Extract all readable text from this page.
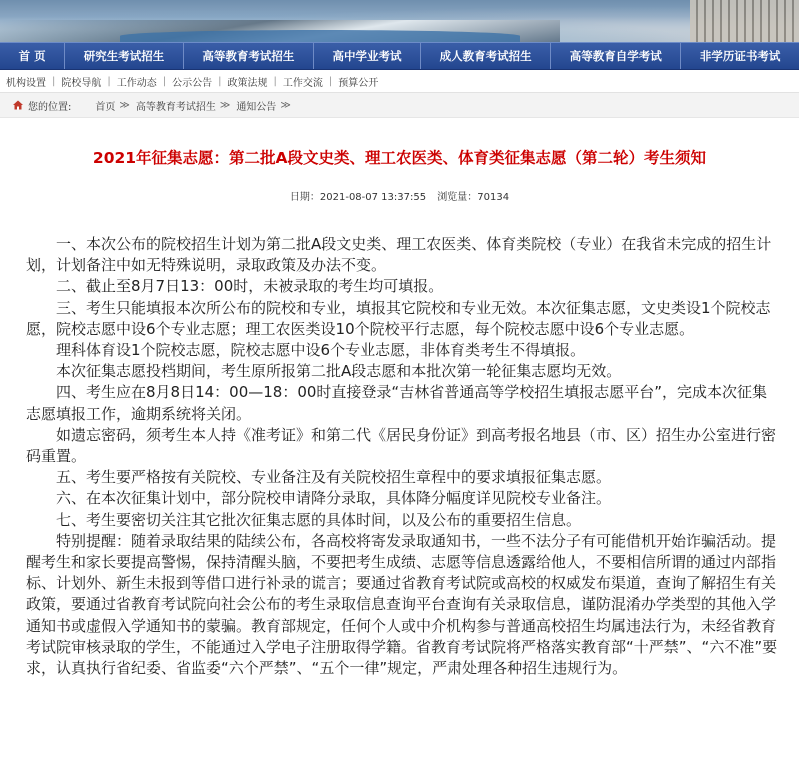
首 页	研究生考试招生	高等教育考试招生	高中学业考试	成人教育考试招生	高等教育自学考试	非学历证书考试
机构设置 | 院校导航 | 工作动态 | 公示公告 | 政策法规 | 工作交流 | 预算公开
您的位置: 首页 ≫ 高等教育考试招生 ≫ 通知公告 ≫
2021年征集志愿：第二批A段文史类、理工农医类、体育类征集志愿（第二轮）考生须知
日期：2021-08-07 13:37:55 浏览量：70134

一、本次公布的院校招生计划为第二批A段文史类、理工农医类、体育类院校（专业）在我省未完成的招生计划，计划备注中如无特殊说明，录取政策及办法不变。

二、截止至8月7日13：00时，未被录取的考生均可填报。

三、考生只能填报本次所公布的院校和专业，填报其它院校和专业无效。本次征集志愿，文史类设1个院校志愿，院校志愿中设6个专业志愿；理工农医类设10个院校平行志愿，每个院校志愿中设6个专业志愿。

理科体育设1个院校志愿，院校志愿中设6个专业志愿，非体育类考生不得填报。

本次征集志愿投档期间，考生原所报第二批A段志愿和本批次第一轮征集志愿均无效。

四、考生应在8月8日14：00—18：00时直接登录“吉林省普通高等学校招生填报志愿平台”，完成本次征集志愿填报工作，逾期系统将关闭。

如遗忘密码，须考生本人持《准考证》和第二代《居民身份证》到高考报名地县（市、区）招生办公室进行密码重置。

五、考生要严格按有关院校、专业备注及有关院校招生章程中的要求填报征集志愿。

六、在本次征集计划中，部分院校申请降分录取，具体降分幅度详见院校专业备注。

七、考生要密切关注其它批次征集志愿的具体时间，以及公布的重要招生信息。

特别提醒：随着录取结果的陆续公布，各高校将寄发录取通知书，一些不法分子有可能借机开始诈骗活动。提醒考生和家长要提高警惕，保持清醒头脑，不要把考生成绩、志愿等信息透露给他人，不要相信所谓的通过内部指标、计划外、新生未报到等借口进行补录的谎言；要通过省教育考试院或高校的权威发布渠道，查询了解招生有关政策，要通过省教育考试院向社会公布的考生录取信息查询平台查询有关录取信息，谨防混淆办学类型的其他入学通知书或虚假入学通知书的蒙骗。教育部规定，任何个人或中介机构参与普通高校招生均属违法行为，未经省教育考试院审核录取的学生，不能通过入学电子注册取得学籍。省教育考试院将严格落实教育部“十严禁”、“六不准”要求，认真执行省纪委、省监委“六个严禁”、“五个一律”规定，严肃处理各种招生违规行为。
